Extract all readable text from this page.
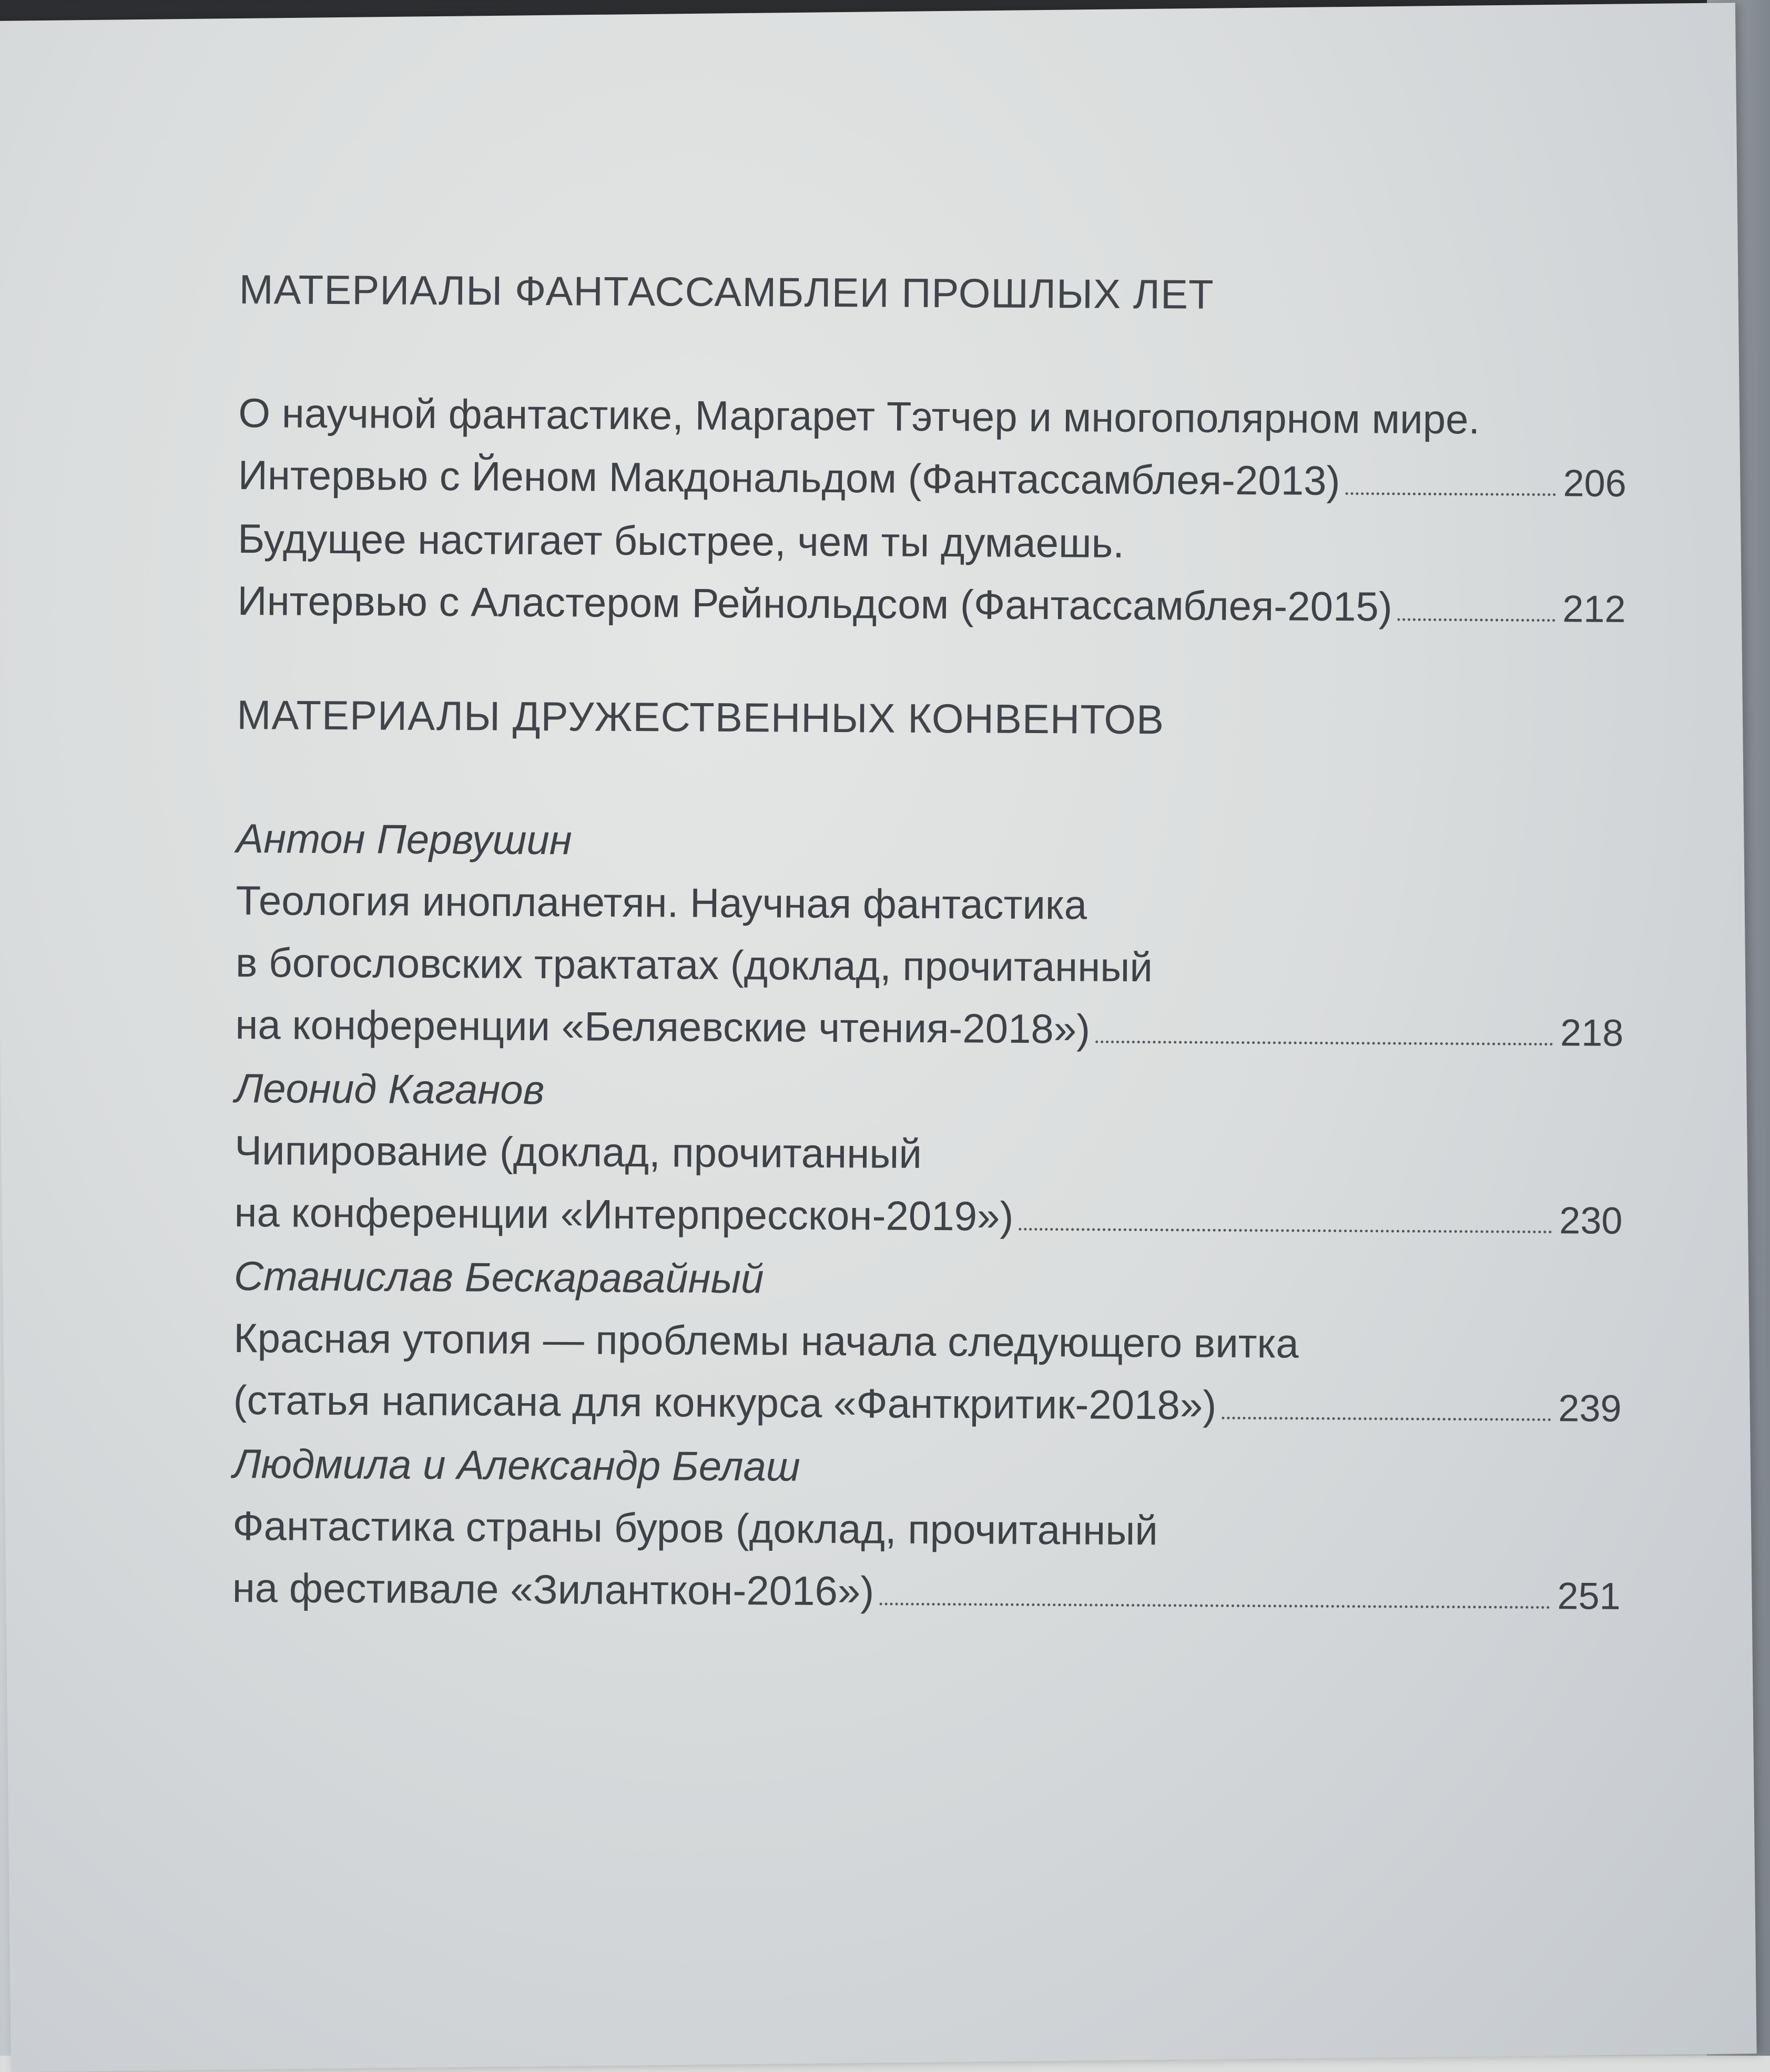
МАТЕРИАЛЫ ФАНТАССАМБЛЕИ ПРОШЛЫХ ЛЕТ
О научной фантастике, Маргарет Тэтчер и многополярном мире.
Интервью с Йеном Макдональдом (Фантассамблея-2013)	206
Будущее настигает быстрее, чем ты думаешь.
Интервью с Аластером Рейнольдсом (Фантассамблея-2015)	212
МАТЕРИАЛЫ ДРУЖЕСТВЕННЫХ КОНВЕНТОВ
Антон Первушин
Теология инопланетян. Научная фантастика
в богословских трактатах (доклад, прочитанный
на конференции «Беляевские чтения-2018»)	218
Леонид Каганов
Чипирование (доклад, прочитанный
на конференции «Интерпресскон-2019»)	230
Станислав Бескаравайный
Красная утопия — проблемы начала следующего витка
(статья написана для конкурса «Фанткритик-2018»)	239
Людмила и Александр Белаш
Фантастика страны буров (доклад, прочитанный
на фестивале «Зиланткон-2016»)	251
